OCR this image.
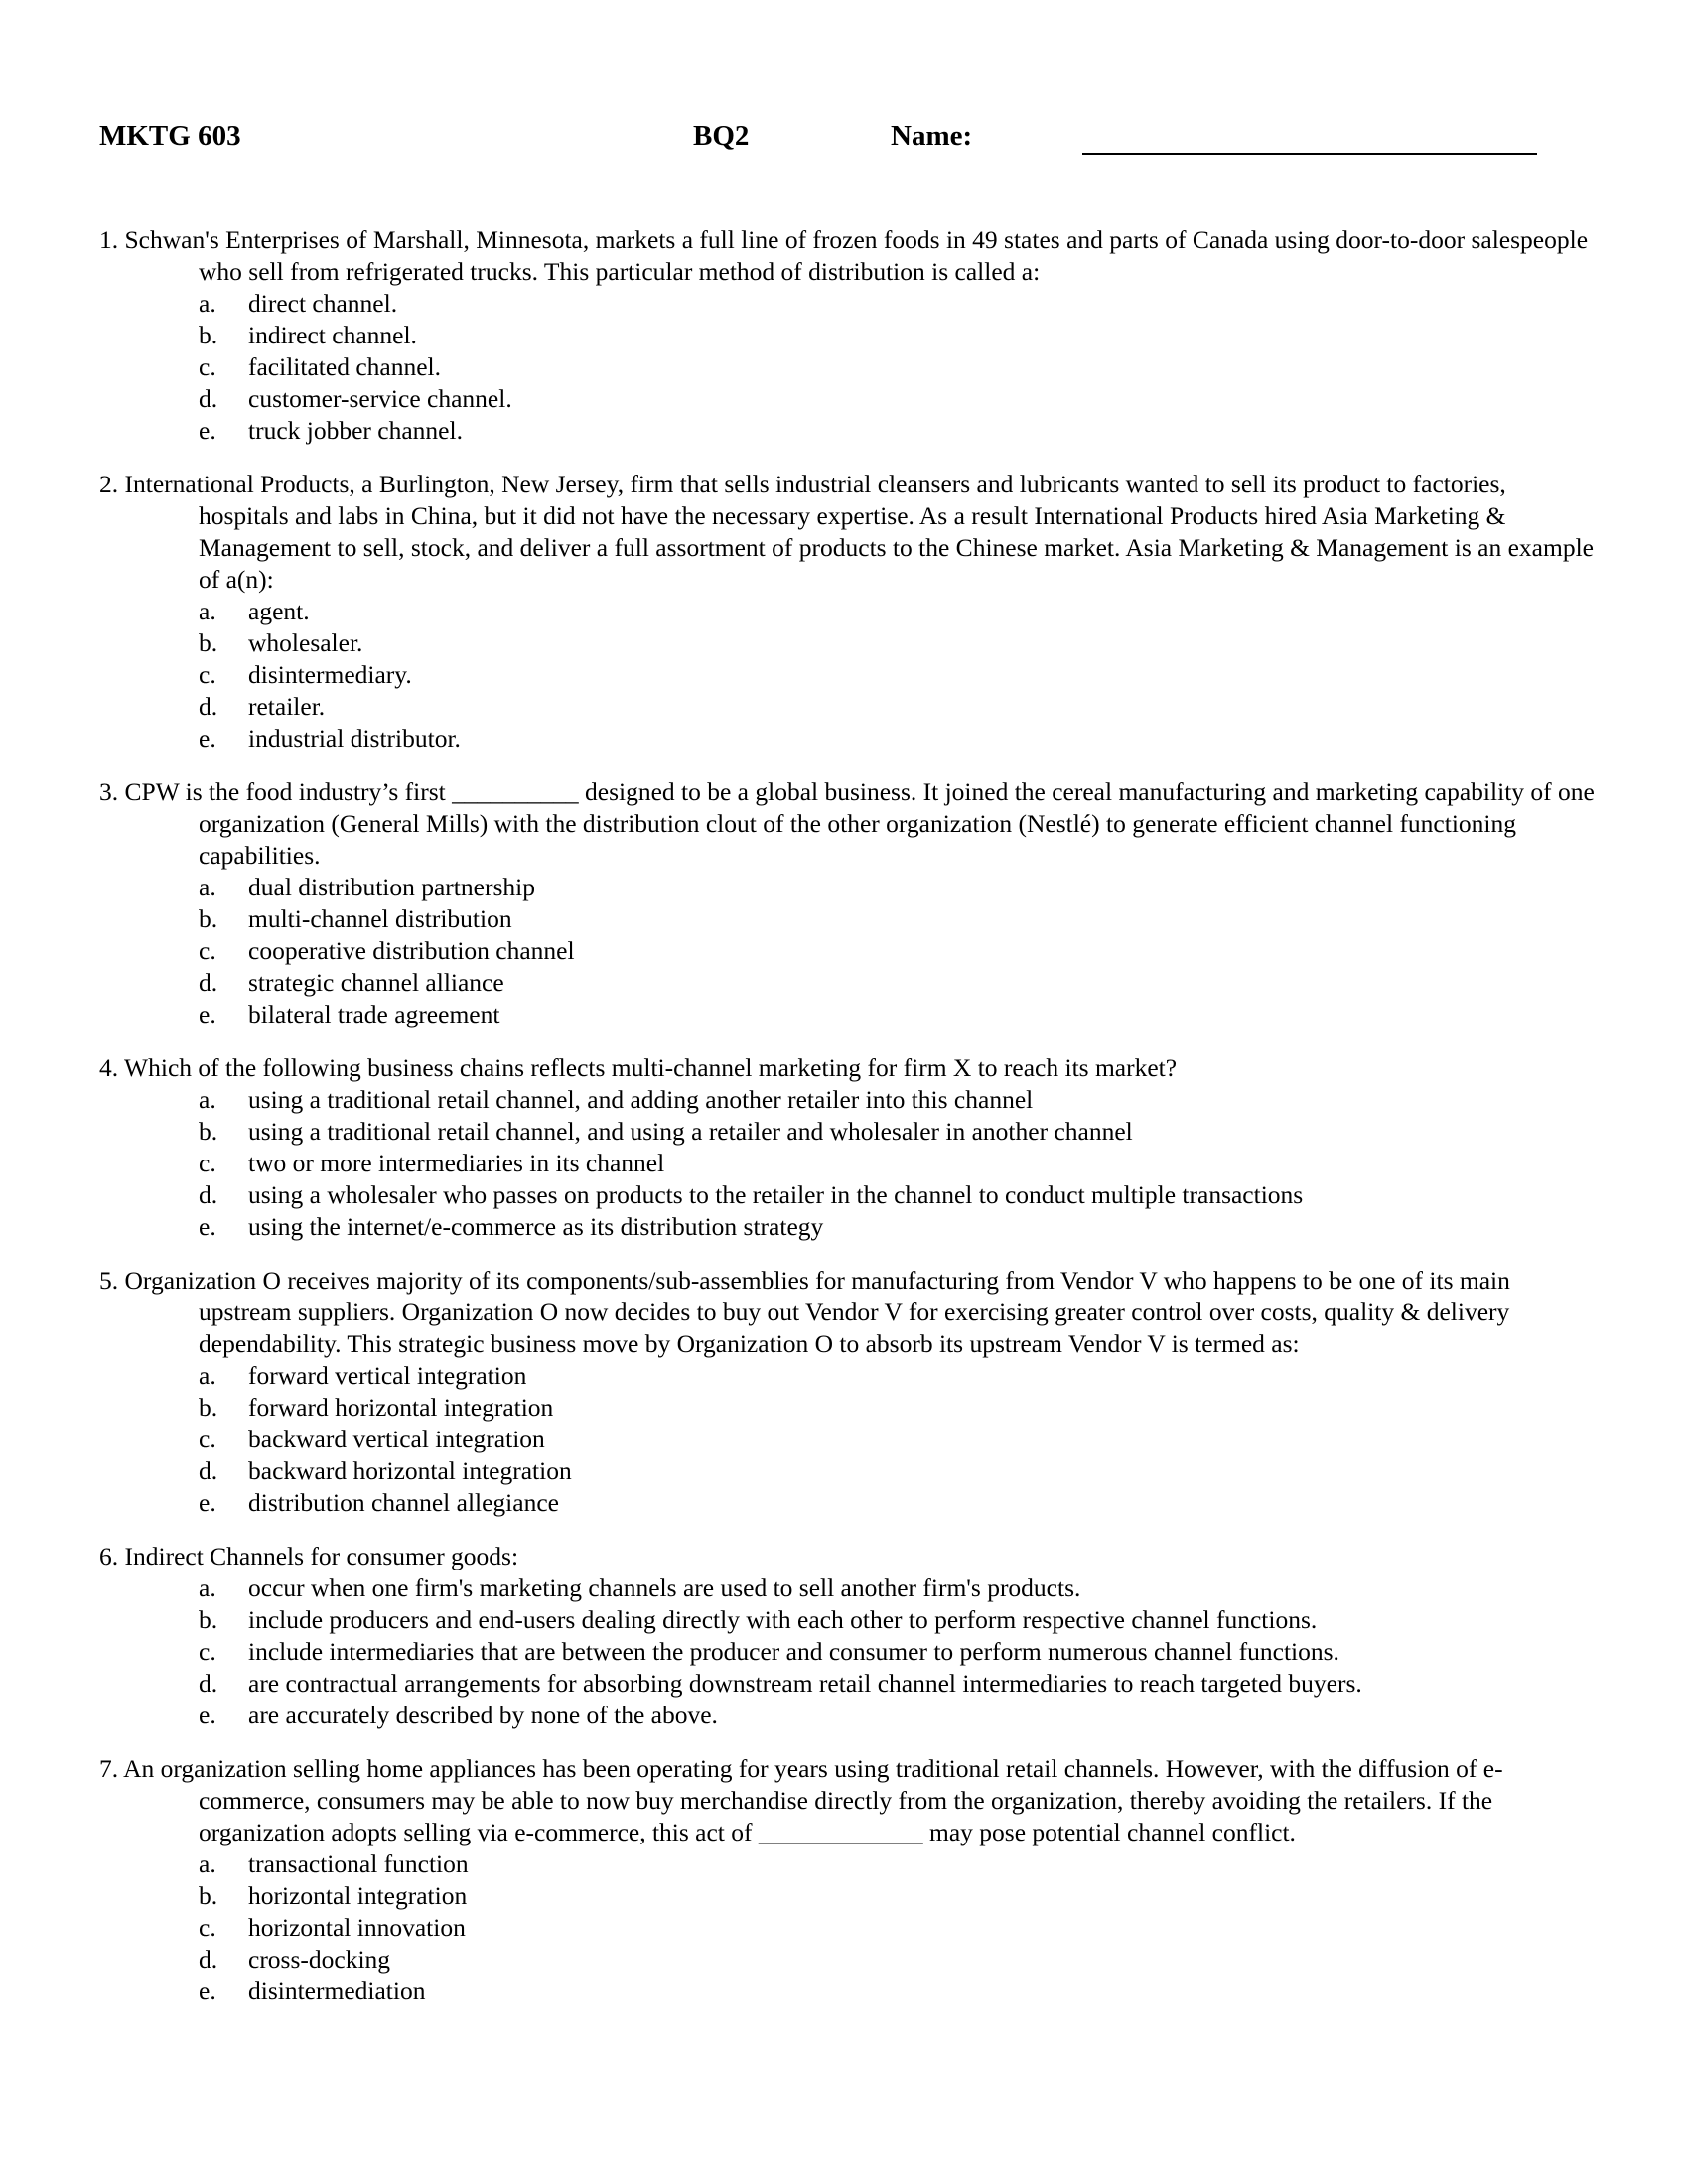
MKTG 603	BQ2	Name:
1. Schwan's Enterprises of Marshall, Minnesota, markets a full line of frozen foods in 49 states and parts of Canada using door-to-door salespeople who sell from refrigerated trucks. This particular method of distribution is called a:
a. direct channel.
b. indirect channel.
c. facilitated channel.
d. customer-service channel.
e. truck jobber channel.
2. International Products, a Burlington, New Jersey, firm that sells industrial cleansers and lubricants wanted to sell its product to factories, hospitals and labs in China, but it did not have the necessary expertise. As a result International Products hired Asia Marketing & Management to sell, stock, and deliver a full assortment of products to the Chinese market. Asia Marketing & Management is an example of a(n):
a. agent.
b. wholesaler.
c. disintermediary.
d. retailer.
e. industrial distributor.
3. CPW is the food industry’s first __________ designed to be a global business. It joined the cereal manufacturing and marketing capability of one organization (General Mills) with the distribution clout of the other organization (Nestlé) to generate efficient channel functioning capabilities.
a. dual distribution partnership
b. multi-channel distribution
c. cooperative distribution channel
d. strategic channel alliance
e. bilateral trade agreement
4. Which of the following business chains reflects multi-channel marketing for firm X to reach its market?
a. using a traditional retail channel, and adding another retailer into this channel
b. using a traditional retail channel, and using a retailer and wholesaler in another channel
c. two or more intermediaries in its channel
d. using a wholesaler who passes on products to the retailer in the channel to conduct multiple transactions
e. using the internet/e-commerce as its distribution strategy
5. Organization O receives majority of its components/sub-assemblies for manufacturing from Vendor V who happens to be one of its main upstream suppliers. Organization O now decides to buy out Vendor V for exercising greater control over costs, quality & delivery dependability. This strategic business move by Organization O to absorb its upstream Vendor V is termed as:
a. forward vertical integration
b. forward horizontal integration
c. backward vertical integration
d. backward horizontal integration
e. distribution channel allegiance
6. Indirect Channels for consumer goods:
a. occur when one firm's marketing channels are used to sell another firm's products.
b. include producers and end-users dealing directly with each other to perform respective channel functions.
c. include intermediaries that are between the producer and consumer to perform numerous channel functions.
d. are contractual arrangements for absorbing downstream retail channel intermediaries to reach targeted buyers.
e. are accurately described by none of the above.
7. An organization selling home appliances has been operating for years using traditional retail channels. However, with the diffusion of e-commerce, consumers may be able to now buy merchandise directly from the organization, thereby avoiding the retailers. If the organization adopts selling via e-commerce, this act of _____________ may pose potential channel conflict.
a. transactional function
b. horizontal integration
c. horizontal innovation
d. cross-docking
e. disintermediation
